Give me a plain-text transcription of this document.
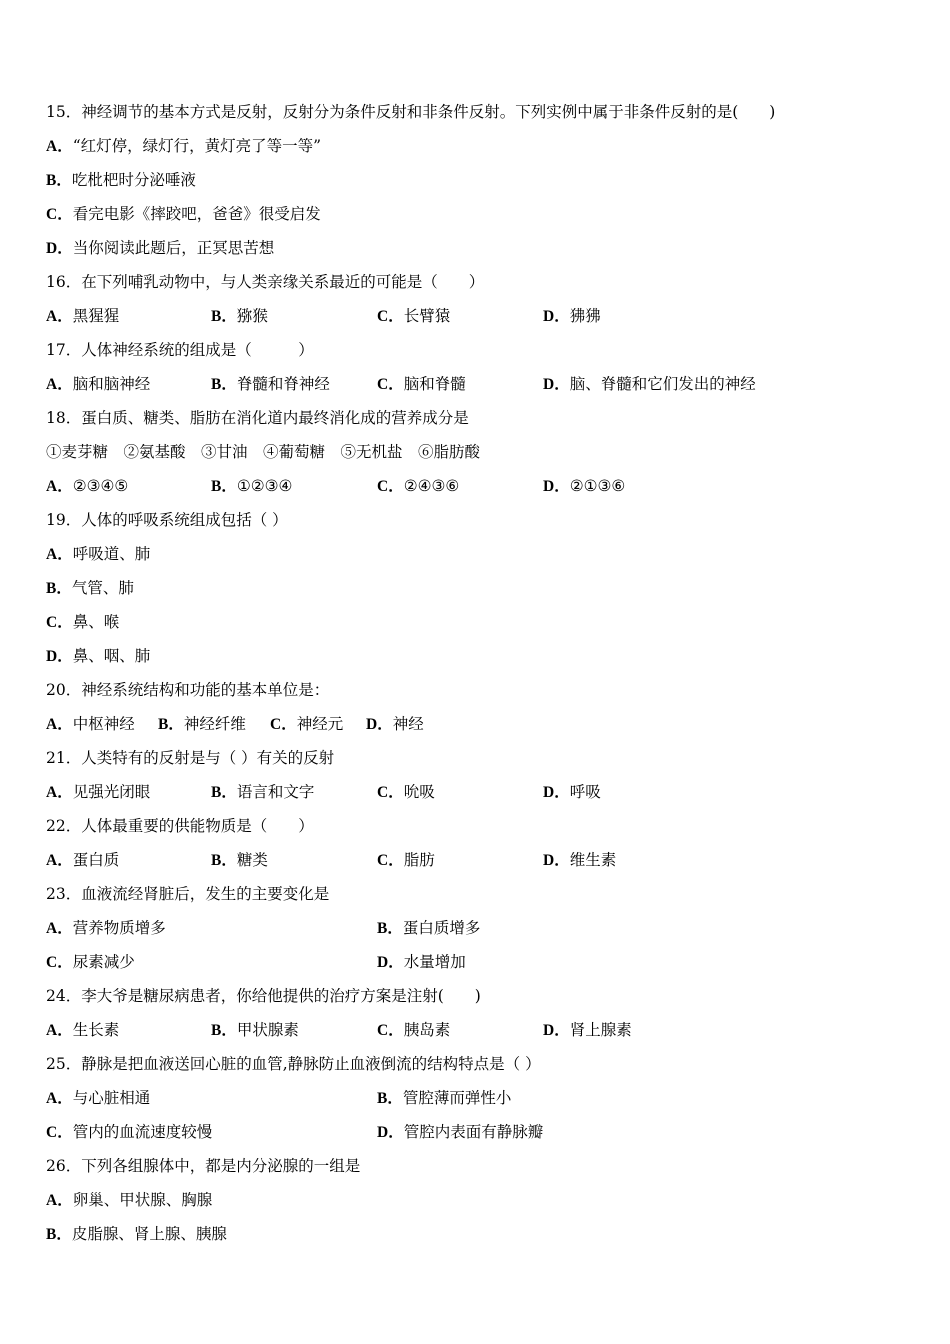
15．神经调节的基本方式是反射，反射分为条件反射和非条件反射。下列实例中属于非条件反射的是(　　)
A．“红灯停，绿灯行，黄灯亮了等一等”
B．吃枇杷时分泌唾液
C．看完电影《摔跤吧，爸爸》很受启发
D．当你阅读此题后，正冥思苦想
16．在下列哺乳动物中，与人类亲缘关系最近的可能是（　　）
A．黑猩猩	B．猕猴	C．长臂猿	D．狒狒
17．人体神经系统的组成是（　　　）
A．脑和脑神经	B．脊髓和脊神经	C．脑和脊髓	D．脑、脊髓和它们发出的神经
18．蛋白质、糖类、脂肪在消化道内最终消化成的营养成分是
①麦芽糖　②氨基酸　③甘油　④葡萄糖　⑤无机盐　⑥脂肪酸
A．②③④⑤	B．①②③④	C．②④③⑥	D．②①③⑥
19．人体的呼吸系统组成包括（ ）
A．呼吸道、肺
B．气管、肺
C．鼻、喉
D．鼻、咽、肺
20．神经系统结构和功能的基本单位是：
A．中枢神经 B．神经纤维 C．神经元 D．神经
21．人类特有的反射是与（ ）有关的反射
A．见强光闭眼	B．语言和文字	C．吮吸	D．呼吸
22．人体最重要的供能物质是（　　）
A．蛋白质	B．糖类	C．脂肪	D．维生素
23．血液流经肾脏后，发生的主要变化是
A．营养物质增多	B．蛋白质增多
C．尿素减少	D．水量增加
24．李大爷是糖尿病患者，你给他提供的治疗方案是注射(　　)
A．生长素	B．甲状腺素	C．胰岛素	D．肾上腺素
25．静脉是把血液送回心脏的血管,静脉防止血液倒流的结构特点是（ ）
A．与心脏相通	B．管腔薄而弹性小
C．管内的血流速度较慢	D．管腔内表面有静脉瓣
26．下列各组腺体中，都是内分泌腺的一组是
A．卵巢、甲状腺、胸腺
B．皮脂腺、肾上腺、胰腺
